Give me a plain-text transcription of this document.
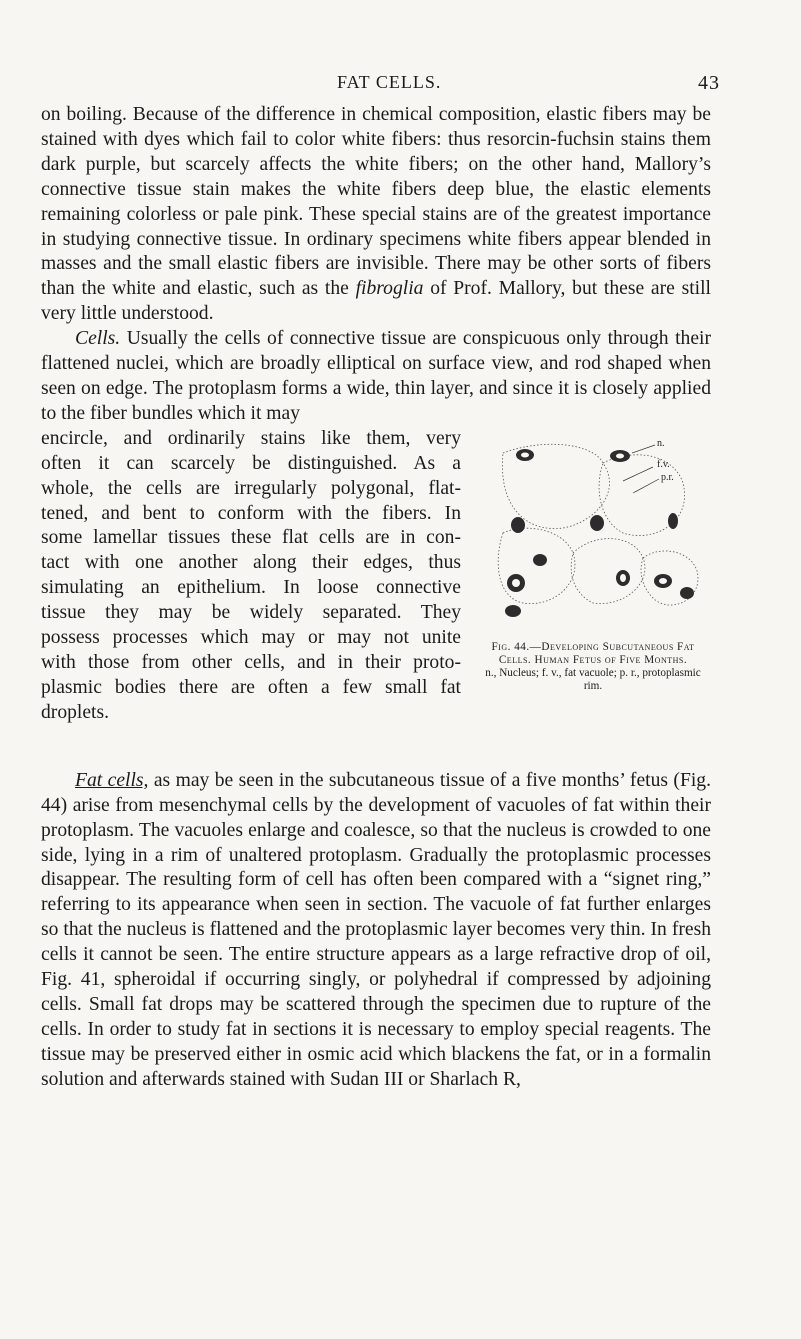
FAT CELLS.	43

on boiling. Because of the difference in chemical composition, elastic fibers may be stained with dyes which fail to color white fibers: thus resorcin-fuchsin stains them dark purple, but scarcely affects the white fibers; on the other hand, Mallory’s connective tissue stain makes the white fibers deep blue, the elastic elements remaining colorless or pale pink. These special stains are of the greatest importance in studying connective tissue. In ordinary specimens white fibers appear blended in masses and the small elastic fibers are invisible. There may be other sorts of fibers than the white and elastic, such as the fibroglia of Prof. Mallory, but these are still very little understood.

Cells. Usually the cells of connective tissue are conspicuous only through their flattened nuclei, which are broadly elliptical on surface view, and rod shaped when seen on edge. The protoplasm forms a wide, thin layer, and since it is closely applied to the fiber bundles which it may

n.
f.v.
p.r.
Fig. 44.—Developing Subcutaneous Fat Cells. Human Fetus of Five Months.
n., Nucleus; f. v., fat vacuole; p. r., protoplasmic rim.
encircle, and ordinarily stains like them, very
often it can scarcely be distinguished. As a
whole, the cells are irregularly polygonal, flat-
tened, and bent to conform with the fibers. In
some lamellar tissues these flat cells are in con-
tact with one another along their edges, thus
simulating an epithelium. In loose connective
tissue they may be widely separated. They
possess processes which may or may not unite
with those from other cells, and in their proto-
plasmic bodies there are often a few small fat
droplets.

Fat cells, as may be seen in the subcutaneous tissue of a five months’ fetus (Fig. 44) arise from mesenchymal cells by the development of vacuoles of fat within their protoplasm. The vacuoles enlarge and coalesce, so that the nucleus is crowded to one side, lying in a rim of unaltered protoplasm. Gradually the protoplasmic processes disappear. The resulting form of cell has often been compared with a “signet ring,” referring to its appearance when seen in section. The vacuole of fat further enlarges so that the nucleus is flattened and the protoplasmic layer becomes very thin. In fresh cells it cannot be seen. The entire structure appears as a large refractive drop of oil, Fig. 41, spheroidal if occurring singly, or polyhedral if compressed by adjoining cells. Small fat drops may be scattered through the specimen due to rupture of the cells. In order to study fat in sections it is necessary to employ special reagents. The tissue may be preserved either in osmic acid which blackens the fat, or in a formalin solution and afterwards stained with Sudan III or Sharlach R,
